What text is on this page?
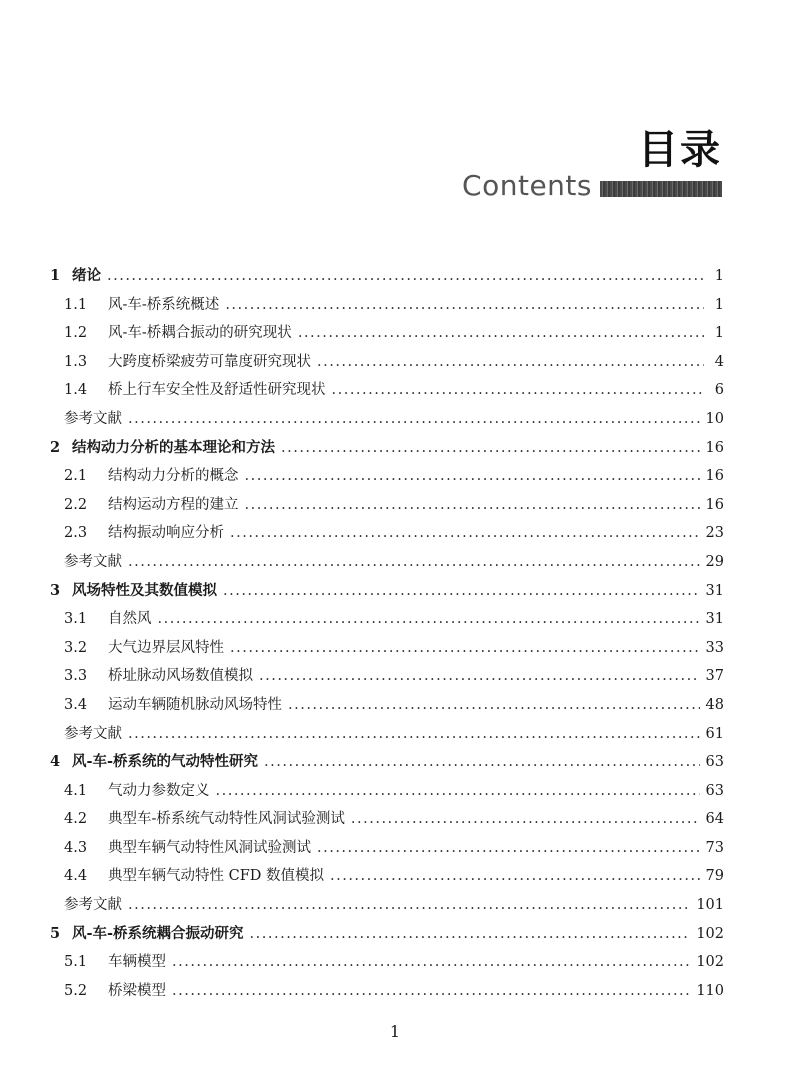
目录
Contents
1 绪论 .....	1
1.1	风-车-桥系统概述 .....	1
1.2	风-车-桥耦合振动的研究现状 .....	1
1.3	大跨度桥梁疲劳可靠度研究现状 .....	4
1.4	桥上行车安全性及舒适性研究现状 .....	6
参考文献 .....	10
2 结构动力分析的基本理论和方法 .....	16
2.1	结构动力分析的概念 .....	16
2.2	结构运动方程的建立 .....	16
2.3	结构振动响应分析 .....	23
参考文献 .....	29
3 风场特性及其数值模拟 .....	31
3.1	自然风 .....	31
3.2	大气边界层风特性 .....	33
3.3	桥址脉动风场数值模拟 .....	37
3.4	运动车辆随机脉动风场特性 .....	48
参考文献 .....	61
4 风-车-桥系统的气动特性研究 .....	63
4.1	气动力参数定义 .....	63
4.2	典型车-桥系统气动特性风洞试验测试 .....	64
4.3	典型车辆气动特性风洞试验测试 .....	73
4.4	典型车辆气动特性 CFD 数值模拟 .....	79
参考文献 .....	101
5 风-车-桥系统耦合振动研究 .....	102
5.1	车辆模型 .....	102
5.2	桥梁模型 .....	110

1
